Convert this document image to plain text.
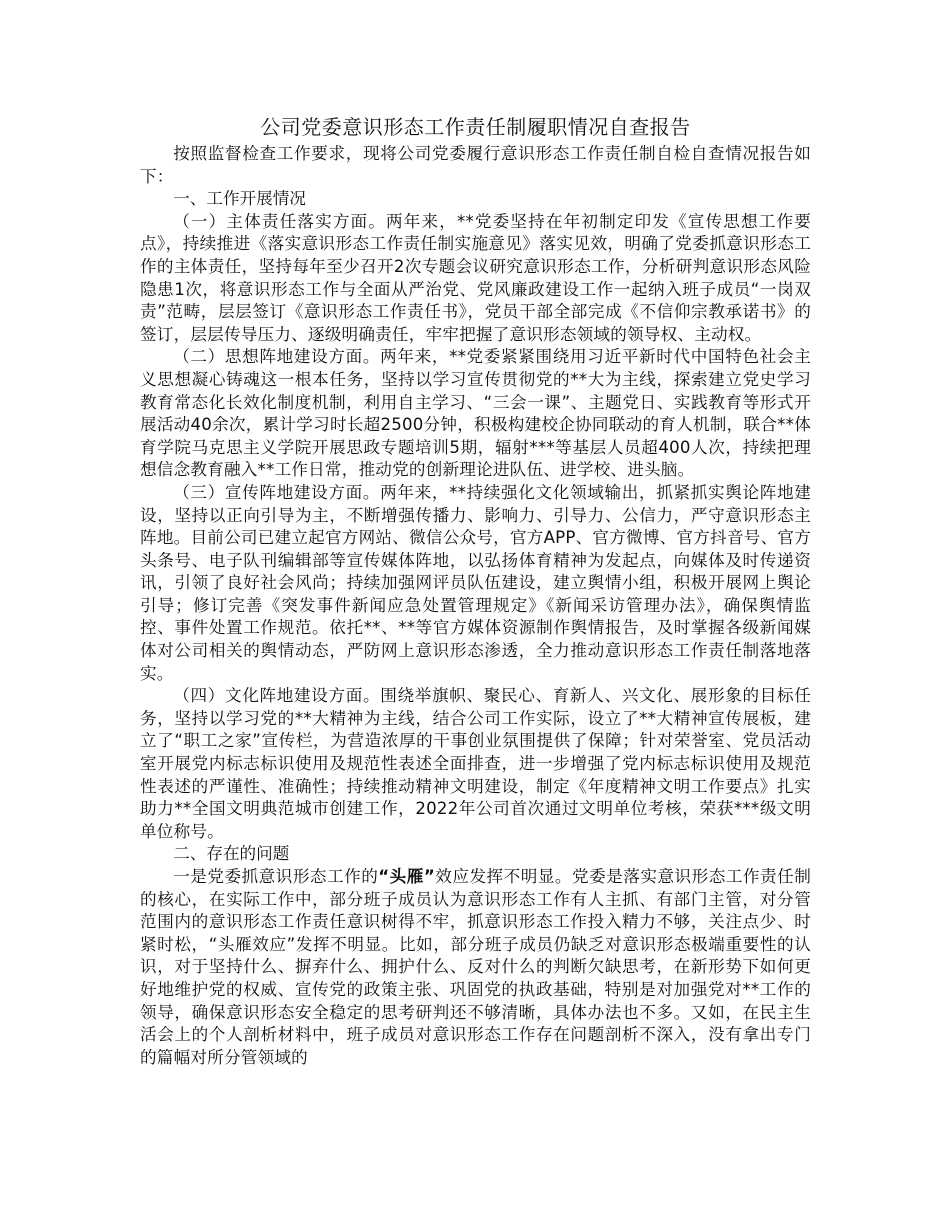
公司党委意识形态工作责任制履职情况自查报告

按照监督检查工作要求，现将公司党委履行意识形态工作责任制自检自查情况报告如下：

一、工作开展情况

（一）主体责任落实方面。两年来，**党委坚持在年初制定印发《宣传思想工作要点》，持续推进《落实意识形态工作责任制实施意见》落实见效，明确了党委抓意识形态工作的主体责任，坚持每年至少召开2次专题会议研究意识形态工作，分析研判意识形态风险隐患1次，将意识形态工作与全面从严治党、党风廉政建设工作一起纳入班子成员“一岗双责”范畴，层层签订《意识形态工作责任书》，党员干部全部完成《不信仰宗教承诺书》的签订，层层传导压力、逐级明确责任，牢牢把握了意识形态领域的领导权、主动权。

（二）思想阵地建设方面。两年来，**党委紧紧围绕用习近平新时代中国特色社会主义思想凝心铸魂这一根本任务，坚持以学习宣传贯彻党的**大为主线，探索建立党史学习教育常态化长效化制度机制，利用自主学习、“三会一课”、主题党日、实践教育等形式开展活动40余次，累计学习时长超2500分钟，积极构建校企协同联动的育人机制，联合**体育学院马克思主义学院开展思政专题培训5期，辐射***等基层人员超400人次，持续把理想信念教育融入**工作日常，推动党的创新理论进队伍、进学校、进头脑。

（三）宣传阵地建设方面。两年来，**持续强化文化领域输出，抓紧抓实舆论阵地建设，坚持以正向引导为主，不断增强传播力、影响力、引导力、公信力，严守意识形态主阵地。目前公司已建立起官方网站、微信公众号，官方APP、官方微博、官方抖音号、官方头条号、电子队刊编辑部等宣传媒体阵地，以弘扬体育精神为发起点，向媒体及时传递资讯，引领了良好社会风尚；持续加强网评员队伍建设，建立舆情小组，积极开展网上舆论引导；修订完善《突发事件新闻应急处置管理规定》《新闻采访管理办法》，确保舆情监控、事件处置工作规范。依托**、**等官方媒体资源制作舆情报告，及时掌握各级新闻媒体对公司相关的舆情动态，严防网上意识形态渗透，全力推动意识形态工作责任制落地落实。

（四）文化阵地建设方面。围绕举旗帜、聚民心、育新人、兴文化、展形象的目标任务，坚持以学习党的**大精神为主线，结合公司工作实际，设立了**大精神宣传展板，建立了“职工之家”宣传栏，为营造浓厚的干事创业氛围提供了保障；针对荣誉室、党员活动室开展党内标志标识使用及规范性表述全面排查，进一步增强了党内标志标识使用及规范性表述的严谨性、准确性；持续推动精神文明建设，制定《年度精神文明工作要点》扎实助力**全国文明典范城市创建工作，2022年公司首次通过文明单位考核，荣获***级文明单位称号。

二、存在的问题

一是党委抓意识形态工作的“头雁”效应发挥不明显。党委是落实意识形态工作责任制的核心，在实际工作中，部分班子成员认为意识形态工作有人主抓、有部门主管，对分管范围内的意识形态工作责任意识树得不牢，抓意识形态工作投入精力不够，关注点少、时紧时松，“头雁效应”发挥不明显。比如，部分班子成员仍缺乏对意识形态极端重要性的认识，对于坚持什么、摒弃什么、拥护什么、反对什么的判断欠缺思考，在新形势下如何更好地维护党的权威、宣传党的政策主张、巩固党的执政基础，特别是对加强党对**工作的领导，确保意识形态安全稳定的思考研判还不够清晰，具体办法也不多。又如，在民主生活会上的个人剖析材料中，班子成员对意识形态工作存在问题剖析不深入，没有拿出专门的篇幅对所分管领域的
